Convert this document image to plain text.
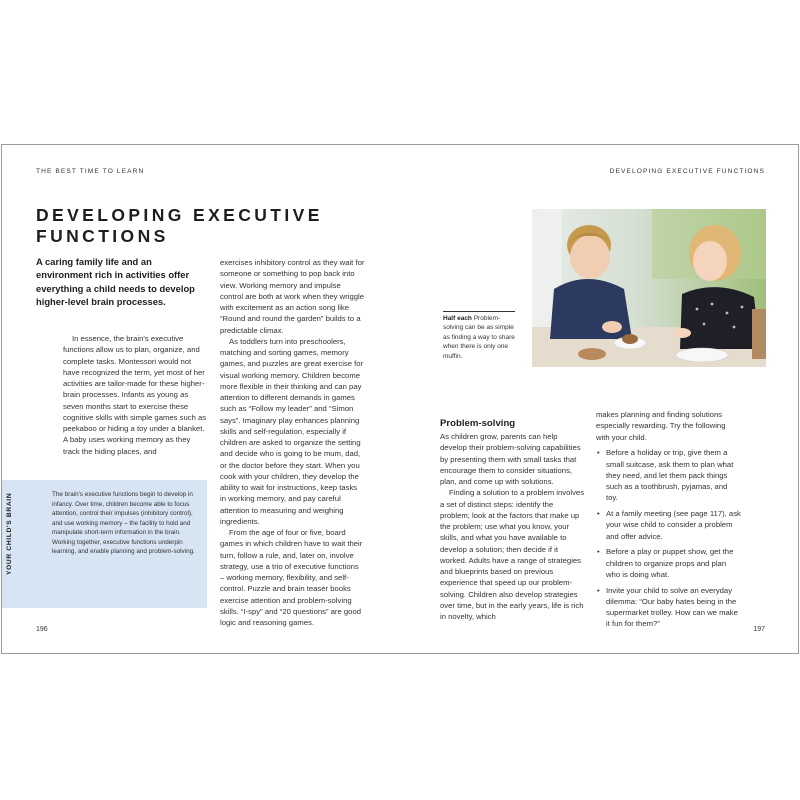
THE BEST TIME TO LEARN	DEVELOPING EXECUTIVE FUNCTIONS
DEVELOPING EXECUTIVE
FUNCTIONS

A caring family life and an environment rich in activities offer everything a child needs to develop higher-level brain processes.

In essence, the brain's executive functions allow us to plan, organize, and complete tasks. Montessori would not have recognized the term, yet most of her activities are tailor-made for these higher-brain processes. Infants as young as seven months start to exercise these cognitive skills with simple games such as peekaboo or hiding a toy under a blanket. A baby uses working memory as they track the hiding places, and

exercises inhibitory control as they wait for someone or something to pop back into view. Working memory and impulse control are both at work when they wriggle with excitement as an action song like “Round and round the garden” builds to a predictable climax.

As toddlers turn into preschoolers, matching and sorting games, memory games, and puzzles are great exercise for visual working memory. Children become more flexible in their thinking and can pay attention to different demands in games such as “Follow my leader” and “Simon says”. Imaginary play enhances planning skills and self-regulation, especially if children are asked to organize the setting and decide who is going to be mum, dad, or the doctor before they start. When you cook with your children, they develop the ability to wait for instructions, keep tasks in working memory, and pay careful attention to measuring and weighing ingredients.

From the age of four or five, board games in which children have to wait their turn, follow a rule, and, later on, involve strategy, use a trio of executive functions – working memory, flexibility, and self-control. Puzzle and brain teaser books exercise attention and problem-solving skills. “I-spy” and “20 questions” are good logic and reasoning games.

YOUR CHILD'S BRAIN	The brain's executive functions begin to develop in infancy. Over time, children become able to focus attention, control their impulses (inhibitory control), and use working memory – the facility to hold and manipulate short-term information in the brain. Working together, executive functions underpin learning, and enable planning and problem-solving.

Half each Problem-solving can be as simple as finding a way to share when there is only one muffin.

Problem-solving

As children grow, parents can help develop their problem-solving capabilities by presenting them with small tasks that encourage them to consider situations, plan, and come up with solutions.

Finding a solution to a problem involves a set of distinct steps: identify the problem; look at the factors that make up the problem; use what you know, your skills, and what you have available to develop a solution; then decide if it worked. Adults have a range of strategies and blueprints based on previous experience that speed up our problem-solving. Children also develop strategies over time, but in the early years, life is rich in novelty, which

makes planning and finding solutions especially rewarding. Try the following with your child.

• Before a holiday or trip, give them a small suitcase, ask them to plan what they need, and let them pack things such as a toothbrush, pyjamas, and toy.
• At a family meeting (see page 117), ask your wise child to consider a problem and offer advice.
• Before a play or puppet show, get the children to organize props and plan who is doing what.
• Invite your child to solve an everyday dilemma: “Our baby hates being in the supermarket trolley. How can we make it fun for them?”
196	197
